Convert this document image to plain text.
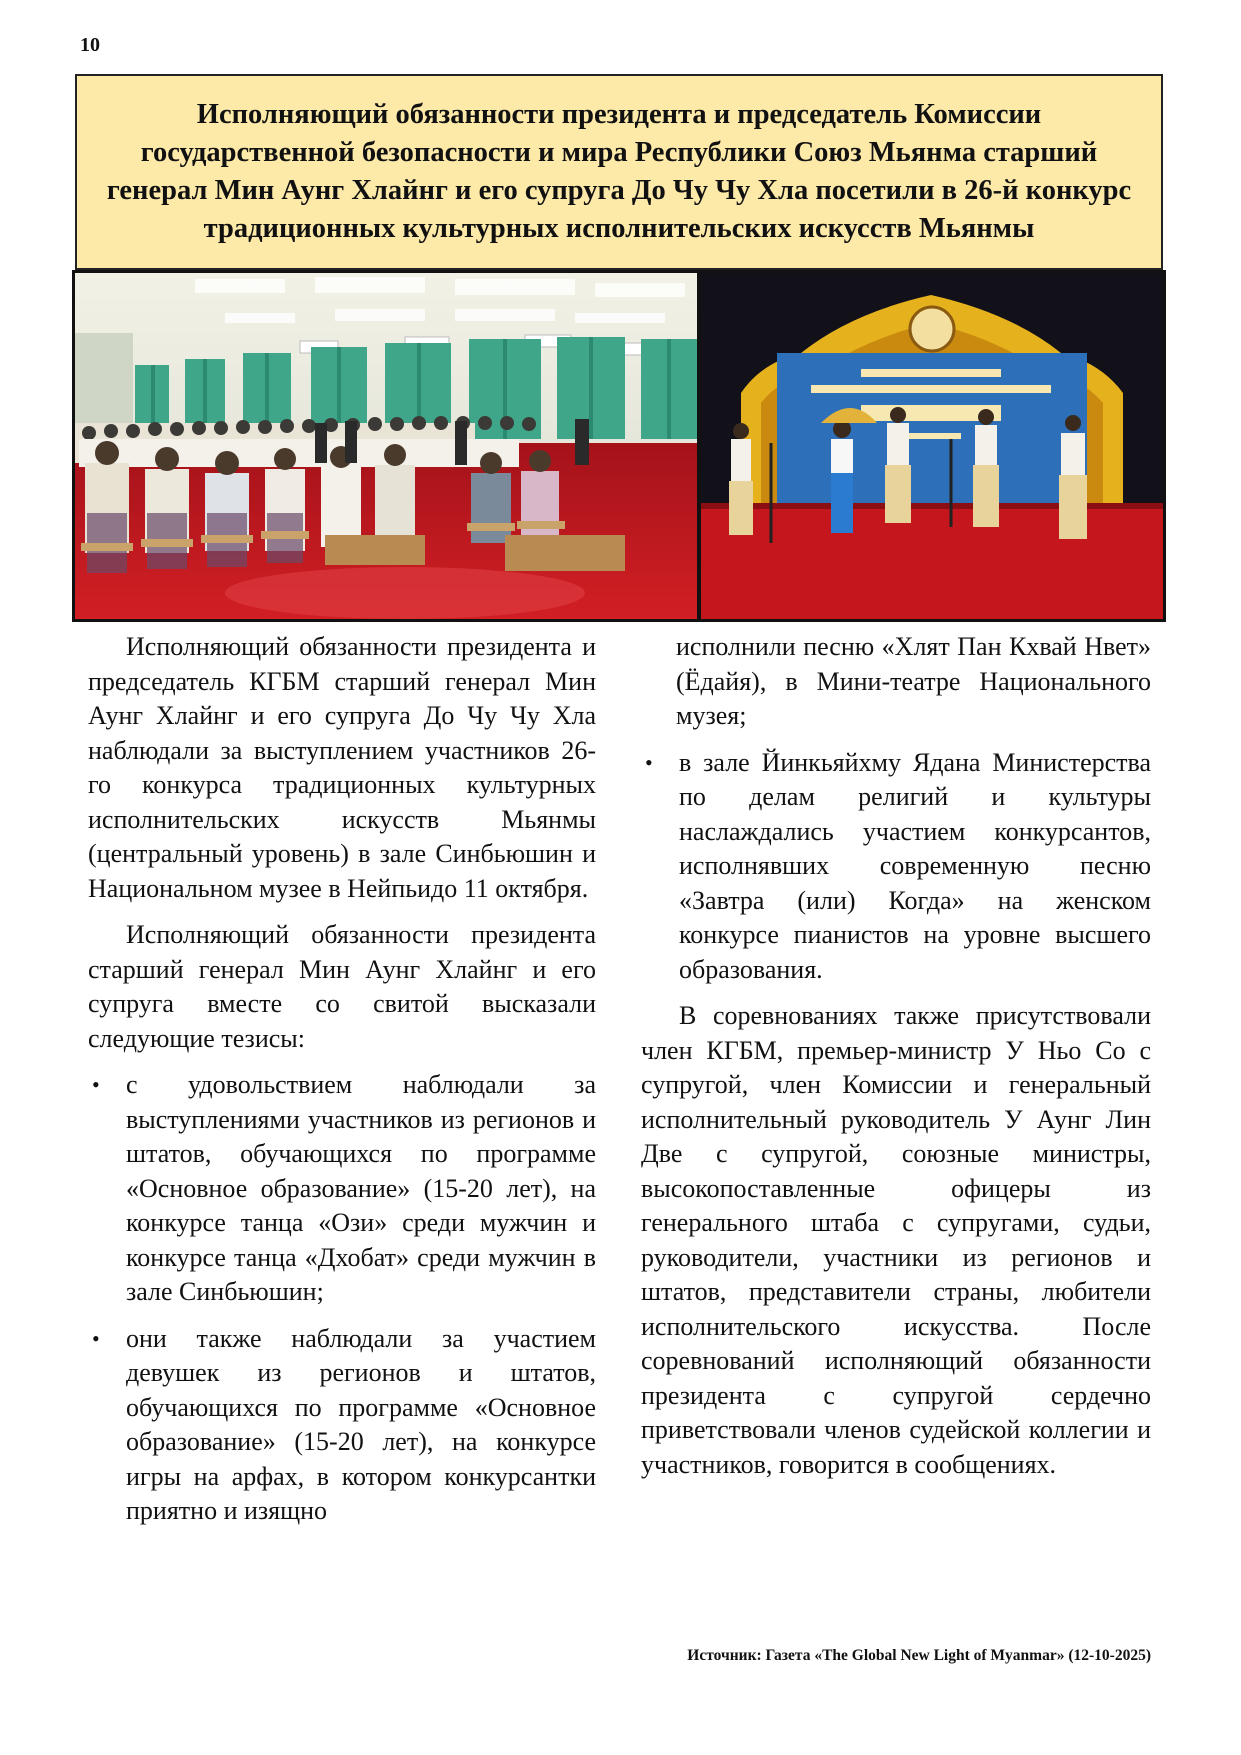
10
Исполняющий обязанности президента и председатель Комиссии государственной безопасности и мира Республики Союз Мьянма старший генерал Мин Аунг Хлайнг и его супруга До Чу Чу Хла посетили в 26-й конкурс традиционных культурных исполнительских искусств Мьянмы

Исполняющий обязанности президента и председатель КГБМ старший генерал Мин Аунг Хлайнг и его супруга До Чу Чу Хла наблюдали за выступлением участников 26-го конкурса традиционных культурных исполнительских искусств Мьянмы (центральный уровень) в зале Синбьюшин и Национальном музее в Нейпьидо 11 октября.

Исполняющий обязанности президента старший генерал Мин Аунг Хлайнг и его супруга вместе со свитой высказали следующие тезисы:

• с удовольствием наблюдали за выступлениями участников из регионов и штатов, обучающихся по программе «Основное образование» (15-20 лет), на конкурсе танца «Ози» среди мужчин и конкурсе танца «Дхобат» среди мужчин в зале Синбьюшин;
• они также наблюдали за участием девушек из регионов и штатов, обучающихся по программе «Основное образование» (15-20 лет), на конкурсе игры на арфах, в котором конкурсантки приятно и изящно

исполнили песню «Хлят Пан Кхвай Нвет» (Ёдайя), в Мини-театре Национального музея;

• в зале Йинкьяйхму Ядана Министерства по делам религий и культуры наслаждались участием конкурсантов, исполнявших современную песню «Завтра (или) Когда» на женском конкурсе пианистов на уровне высшего образования.

В соревнованиях также присутствовали член КГБМ, премьер-министр У Ньо Со с супругой, член Комиссии и генеральный исполнительный руководитель У Аунг Лин Две с супругой, союзные министры, высокопоставленные офицеры из генерального штаба с супругами, судьи, руководители, участники из регионов и штатов, представители страны, любители исполнительского искусства. После соревнований исполняющий обязанности президента с супругой сердечно приветствовали членов судейской коллегии и участников, говорится в сообщениях.

Источник: Газета «The Global New Light of Myanmar» (12-10-2025)
